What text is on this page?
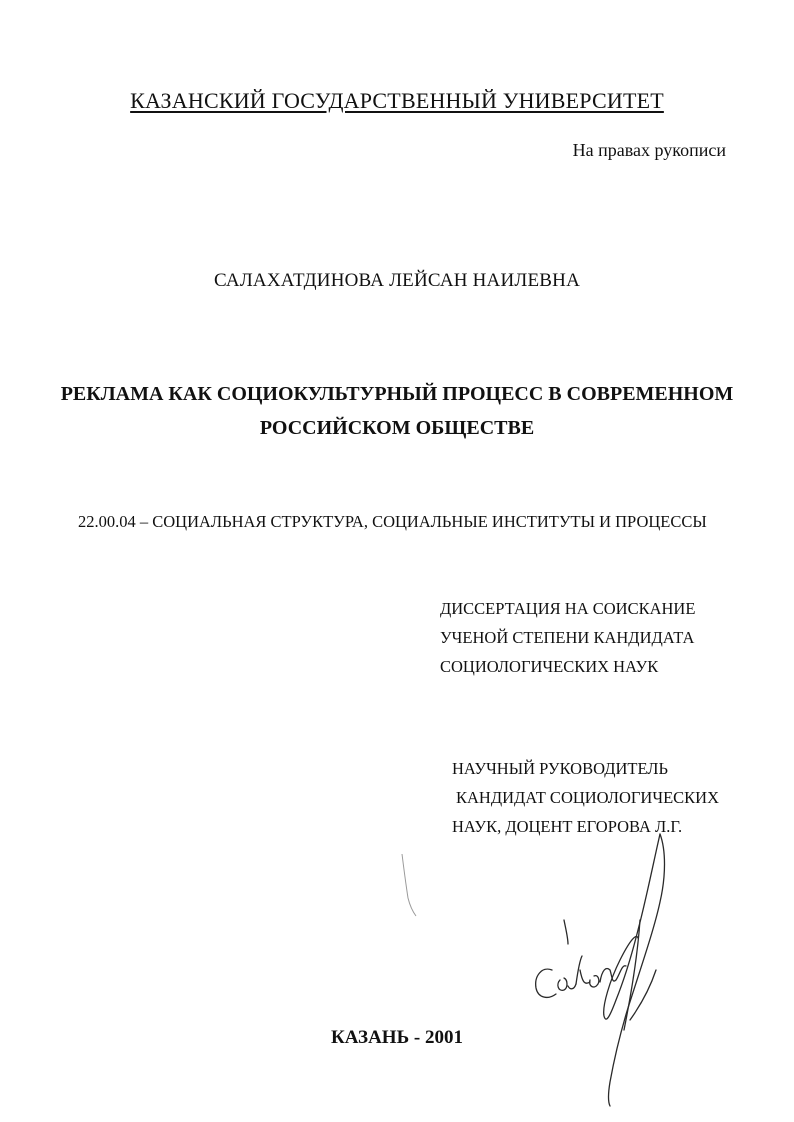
КАЗАНСКИЙ ГОСУДАРСТВЕННЫЙ УНИВЕРСИТЕТ
На правах рукописи
САЛАХАТДИНОВА ЛЕЙСАН НАИЛЕВНА
РЕКЛАМА КАК СОЦИОКУЛЬТУРНЫЙ ПРОЦЕСС В СОВРЕМЕННОМ
РОССИЙСКОМ ОБЩЕСТВЕ
22.00.04 – СОЦИАЛЬНАЯ СТРУКТУРА, СОЦИАЛЬНЫЕ ИНСТИТУТЫ И ПРОЦЕССЫ
ДИССЕРТАЦИЯ НА СОИСКАНИЕ
УЧЕНОЙ СТЕПЕНИ КАНДИДАТА
СОЦИОЛОГИЧЕСКИХ НАУК
НАУЧНЫЙ РУКОВОДИТЕЛЬ
КАНДИДАТ СОЦИОЛОГИЧЕСКИХ
НАУК, ДОЦЕНТ ЕГОРОВА Л.Г.
КАЗАНЬ - 2001
